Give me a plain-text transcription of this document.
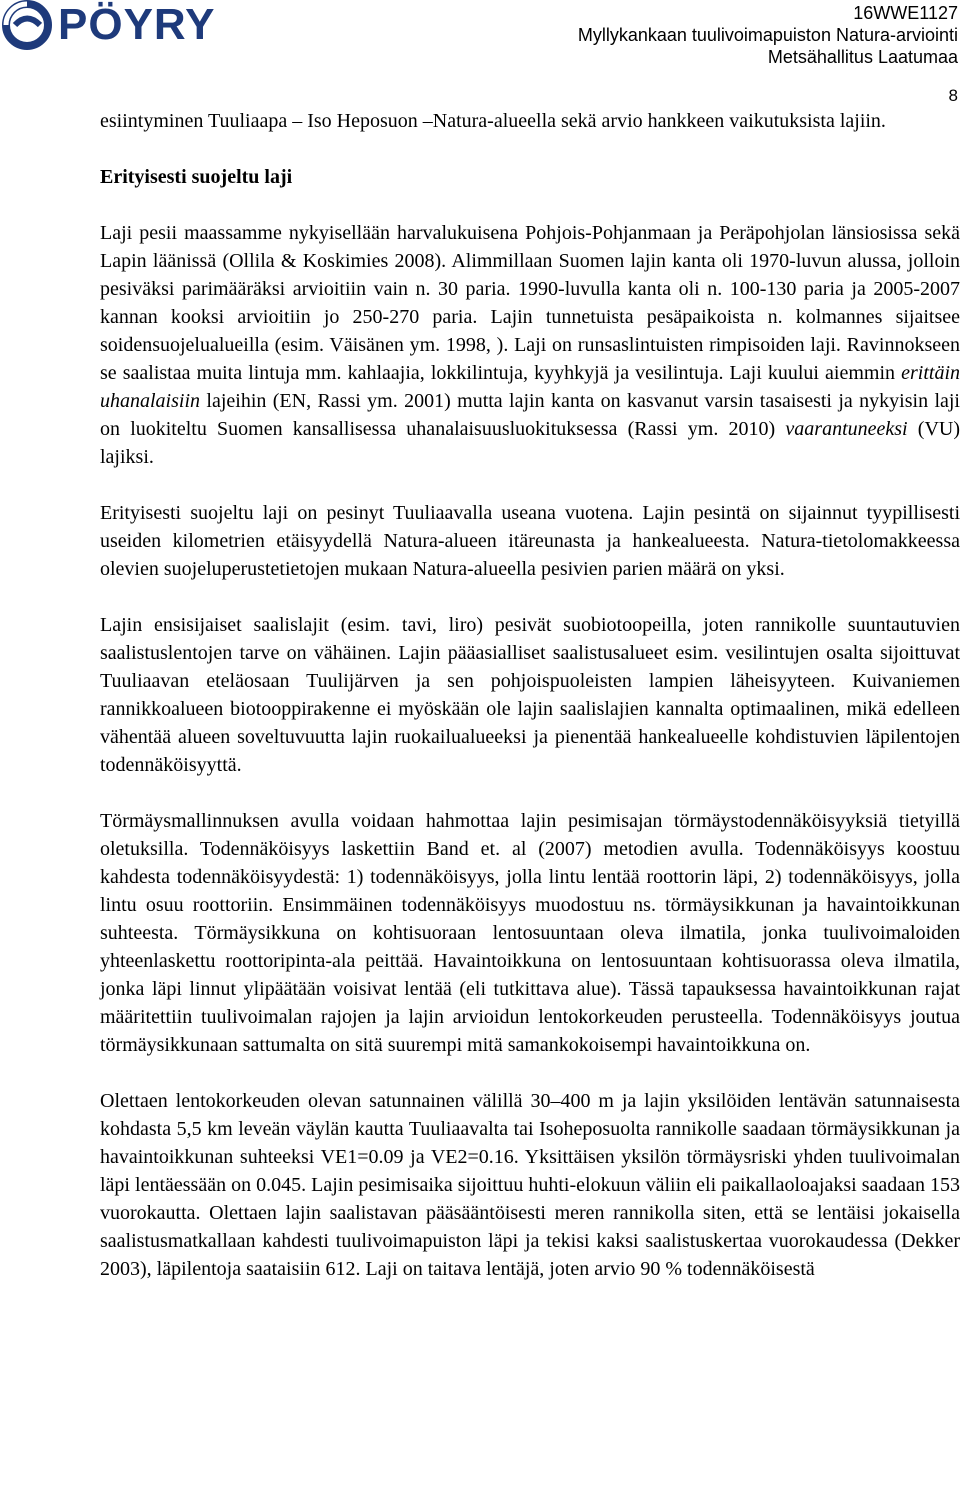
PÖYRY	16WWE1127
Myllykankaan tuulivoimapuiston Natura-arviointi
Metsähallitus Laatumaa
8

esiintyminen Tuuliaapa – Iso Heposuon –Natura-alueella sekä arvio hankkeen vaikutuksista lajiin.

Erityisesti suojeltu laji

Laji pesii maassamme nykyisellään harvalukuisena Pohjois-Pohjanmaan ja Peräpohjolan länsiosissa sekä Lapin läänissä (Ollila & Koskimies 2008). Alimmillaan Suomen lajin kanta oli 1970-luvun alussa, jolloin pesiväksi parimääräksi arvioitiin vain n. 30 paria. 1990-luvulla kanta oli n. 100-130 paria ja 2005-2007 kannan kooksi arvioitiin jo 250-270 paria. Lajin tunnetuista pesäpaikoista n. kolmannes sijaitsee soidensuojelualueilla (esim. Väisänen ym. 1998, ). Laji on runsaslintuisten rimpisoiden laji. Ravinnokseen se saalistaa muita lintuja mm. kahlaajia, lokkilintuja, kyyhkyjä ja vesilintuja. Laji kuului aiemmin erittäin uhanalaisiin lajeihin (EN, Rassi ym. 2001) mutta lajin kanta on kasvanut varsin tasaisesti ja nykyisin laji on luokiteltu Suomen kansallisessa uhanalaisuusluokituksessa (Rassi ym. 2010) vaarantuneeksi (VU) lajiksi.

Erityisesti suojeltu laji on pesinyt Tuuliaavalla useana vuotena. Lajin pesintä on sijainnut tyypillisesti useiden kilometrien etäisyydellä Natura-alueen itäreunasta ja hankealueesta. Natura-tietolomakkeessa olevien suojeluperustetietojen mukaan Natura-alueella pesivien parien määrä on yksi.

Lajin ensisijaiset saalislajit (esim. tavi, liro) pesivät suobiotoopeilla, joten rannikolle suuntautuvien saalistuslentojen tarve on vähäinen. Lajin pääasialliset saalistusalueet esim. vesilintujen osalta sijoittuvat Tuuliaavan eteläosaan Tuulijärven ja sen pohjoispuoleisten lampien läheisyyteen. Kuivaniemen rannikkoalueen biotooppirakenne ei myöskään ole lajin saalislajien kannalta optimaalinen, mikä edelleen vähentää alueen soveltuvuutta lajin ruokailualueeksi ja pienentää hankealueelle kohdistuvien läpilentojen todennäköisyyttä.

Törmäysmallinnuksen avulla voidaan hahmottaa lajin pesimisajan törmäystodennäköisyyksiä tietyillä oletuksilla. Todennäköisyys laskettiin Band et. al (2007) metodien avulla. Todennäköisyys koostuu kahdesta todennäköisyydestä: 1) todennäköisyys, jolla lintu lentää roottorin läpi, 2) todennäköisyys, jolla lintu osuu roottoriin. Ensimmäinen todennäköisyys muodostuu ns. törmäysikkunan ja havaintoikkunan suhteesta. Törmäysikkuna on kohtisuoraan lentosuuntaan oleva ilmatila, jonka tuulivoimaloiden yhteenlaskettu roottoripinta-ala peittää. Havaintoikkuna on lentosuuntaan kohtisuorassa oleva ilmatila, jonka läpi linnut ylipäätään voisivat lentää (eli tutkittava alue). Tässä tapauksessa havaintoikkunan rajat määritettiin tuulivoimalan rajojen ja lajin arvioidun lentokorkeuden perusteella. Todennäköisyys joutua törmäysikkunaan sattumalta on sitä suurempi mitä samankokoisempi havaintoikkuna on.

Olettaen lentokorkeuden olevan satunnainen välillä 30–400 m ja lajin yksilöiden lentävän satunnaisesta kohdasta 5,5 km leveän väylän kautta Tuuliaavalta tai Isoheposuolta rannikolle saadaan törmäysikkunan ja havaintoikkunan suhteeksi VE1=0.09 ja VE2=0.16. Yksittäisen yksilön törmäysriski yhden tuulivoimalan läpi lentäessään on 0.045. Lajin pesimisaika sijoittuu huhti-elokuun väliin eli paikallaoloajaksi saadaan 153 vuorokautta. Olettaen lajin saalistavan pääsääntöisesti meren rannikolla siten, että se lentäisi jokaisella saalistusmatkallaan kahdesti tuulivoimapuiston läpi ja tekisi kaksi saalistuskertaa vuorokaudessa (Dekker 2003), läpilentoja saataisiin 612. Laji on taitava lentäjä, joten arvio 90 % todennäköisestä
